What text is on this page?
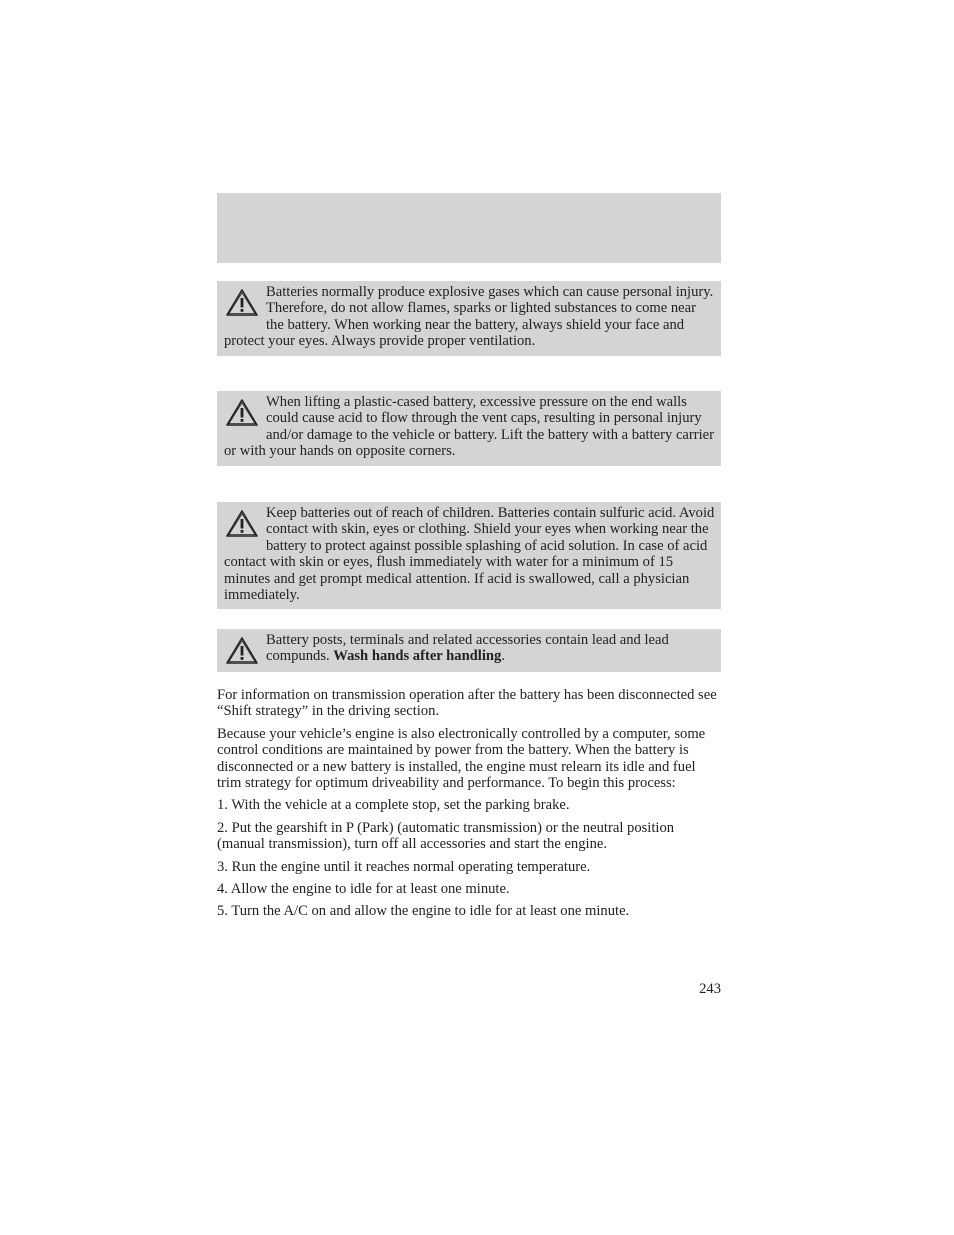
Batteries normally produce explosive gases which can cause personal injury. Therefore, do not allow flames, sparks or lighted substances to come near the battery. When working near the battery, always shield your face and protect your eyes. Always provide proper ventilation.
When lifting a plastic-cased battery, excessive pressure on the end walls could cause acid to flow through the vent caps, resulting in personal injury and/or damage to the vehicle or battery. Lift the battery with a battery carrier or with your hands on opposite corners.
Keep batteries out of reach of children. Batteries contain sulfuric acid. Avoid contact with skin, eyes or clothing. Shield your eyes when working near the battery to protect against possible splashing of acid solution. In case of acid contact with skin or eyes, flush immediately with water for a minimum of 15 minutes and get prompt medical attention. If acid is swallowed, call a physician immediately.
Battery posts, terminals and related accessories contain lead and lead compunds. Wash hands after handling.

For information on transmission operation after the battery has been disconnected see “Shift strategy” in the driving section.

Because your vehicle’s engine is also electronically controlled by a computer, some control conditions are maintained by power from the battery. When the battery is disconnected or a new battery is installed, the engine must relearn its idle and fuel trim strategy for optimum driveability and performance. To begin this process:

1. With the vehicle at a complete stop, set the parking brake.

2. Put the gearshift in P (Park) (automatic transmission) or the neutral position (manual transmission), turn off all accessories and start the engine.

3. Run the engine until it reaches normal operating temperature.

4. Allow the engine to idle for at least one minute.

5. Turn the A/C on and allow the engine to idle for at least one minute.

243
